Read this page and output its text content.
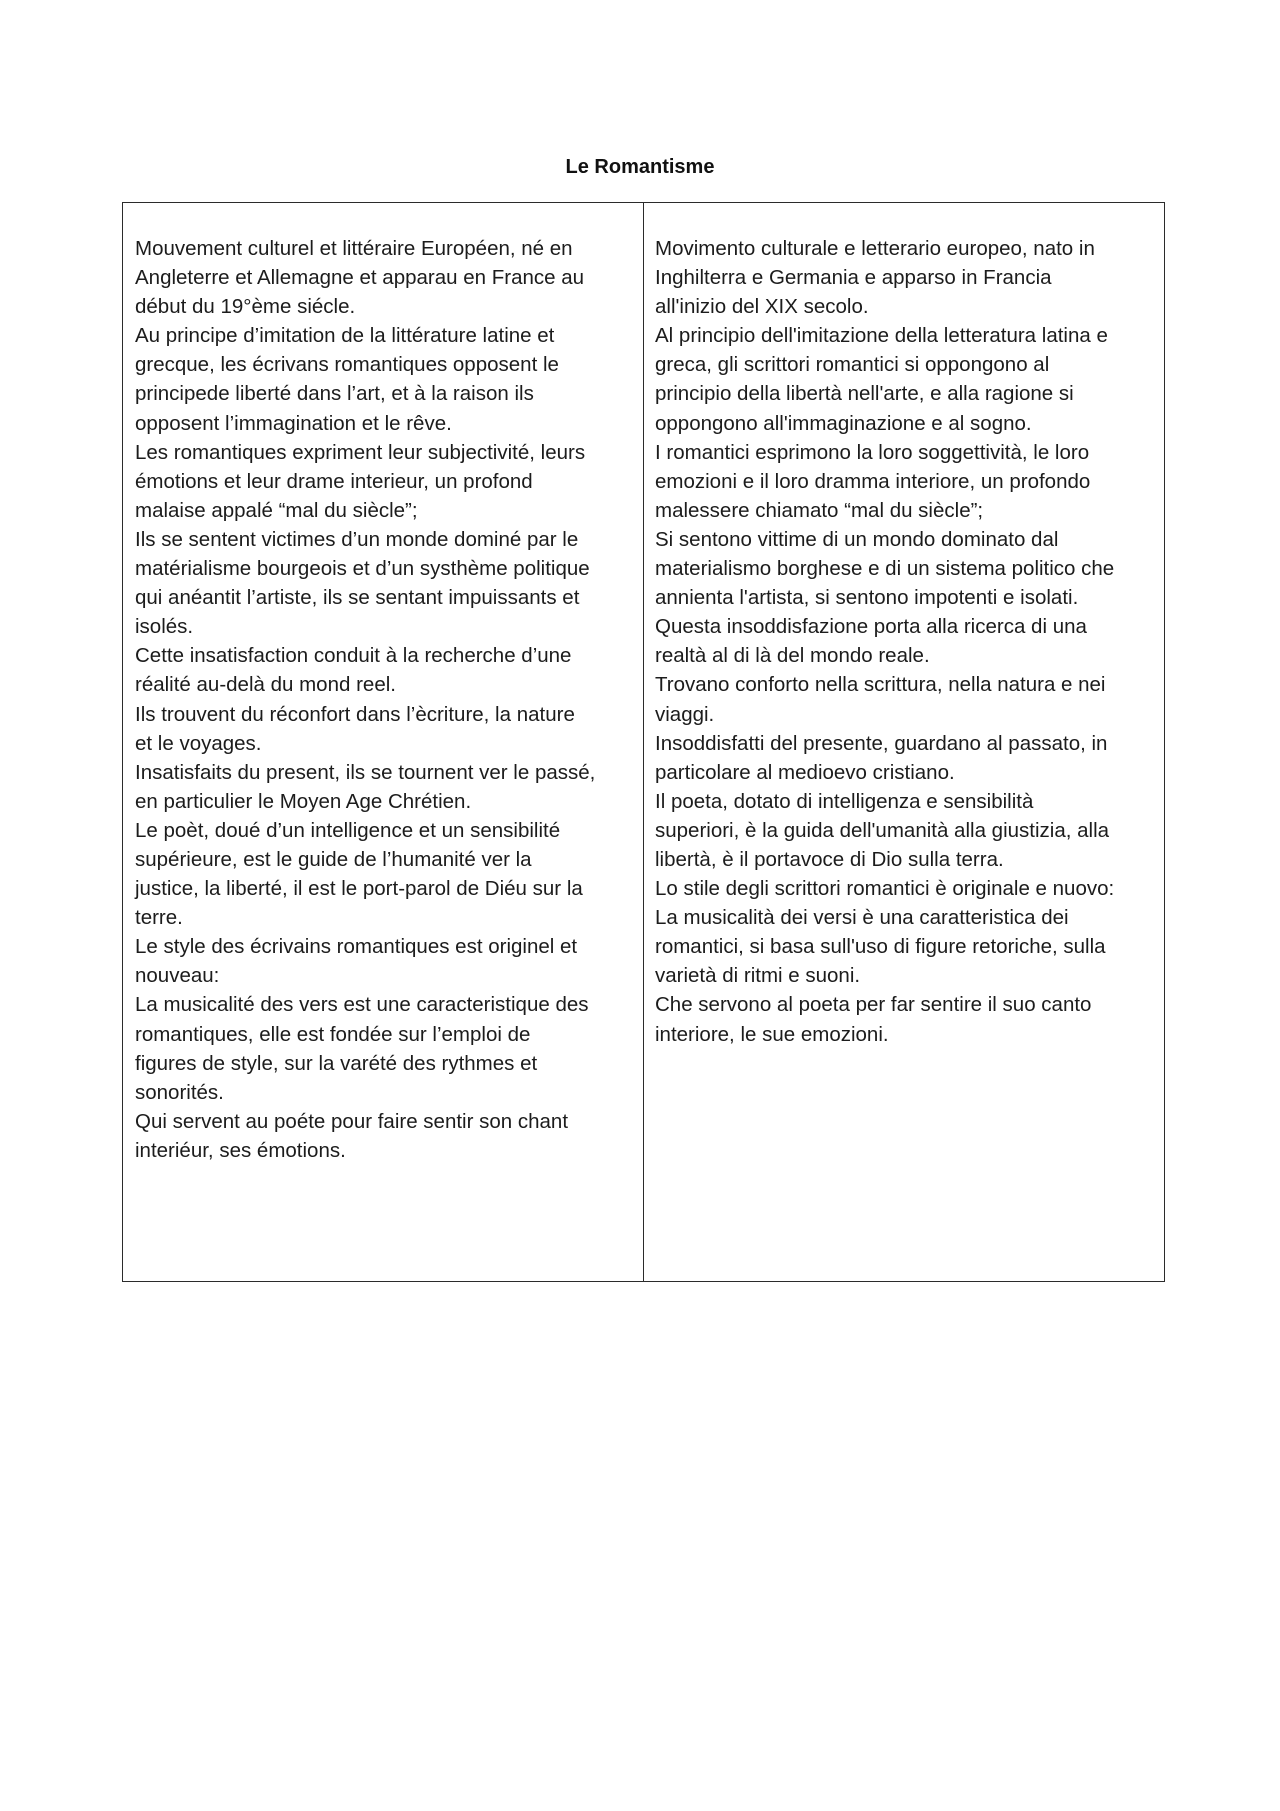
Le Romantisme

Mouvement culturel et littéraire Européen, né en

Angleterre et Allemagne et apparau en France au

début du 19°ème siécle.

Au principe d’imitation de la littérature latine et

grecque, les écrivans romantiques opposent le

principede liberté dans l’art, et à la raison ils

opposent l’immagination et le rêve.

Les romantiques expriment leur subjectivité, leurs

émotions et leur drame interieur, un profond

malaise appalé “mal du siècle”;

Ils se sentent victimes d’un monde dominé par le

matérialisme bourgeois et d’un systhème politique

qui anéantit l’artiste, ils se sentant impuissants et

isolés.

Cette insatisfaction conduit à la recherche d’une

réalité au-delà du mond reel.

Ils trouvent du réconfort dans l’ècriture, la nature

et le voyages.

Insatisfaits du present, ils se tournent ver le passé,

en particulier le Moyen Age Chrétien.

Le poèt, doué d’un intelligence et un sensibilité

supérieure, est le guide de l’humanité ver la

justice, la liberté, il est le port-parol de Diéu sur la

terre.

Le style des écrivains romantiques est originel et

nouveau:

La musicalité des vers est une caracteristique des

romantiques, elle est fondée sur l’emploi de

figures de style, sur la varété des rythmes et

sonorités.

Qui servent au poéte pour faire sentir son chant

interiéur, ses émotions.

Movimento culturale e letterario europeo, nato in

Inghilterra e Germania e apparso in Francia

all'inizio del XIX secolo.

Al principio dell'imitazione della letteratura latina e

greca, gli scrittori romantici si oppongono al

principio della libertà nell'arte, e alla ragione si

oppongono all'immaginazione e al sogno.

I romantici esprimono la loro soggettività, le loro

emozioni e il loro dramma interiore, un profondo

malessere chiamato “mal du siècle”;

Si sentono vittime di un mondo dominato dal

materialismo borghese e di un sistema politico che

annienta l'artista, si sentono impotenti e isolati.

Questa insoddisfazione porta alla ricerca di una

realtà al di là del mondo reale.

Trovano conforto nella scrittura, nella natura e nei

viaggi.

Insoddisfatti del presente, guardano al passato, in

particolare al medioevo cristiano.

Il poeta, dotato di intelligenza e sensibilità

superiori, è la guida dell'umanità alla giustizia, alla

libertà, è il portavoce di Dio sulla terra.

Lo stile degli scrittori romantici è originale e nuovo:

La musicalità dei versi è una caratteristica dei

romantici, si basa sull'uso di figure retoriche, sulla

varietà di ritmi e suoni.

Che servono al poeta per far sentire il suo canto

interiore, le sue emozioni.
